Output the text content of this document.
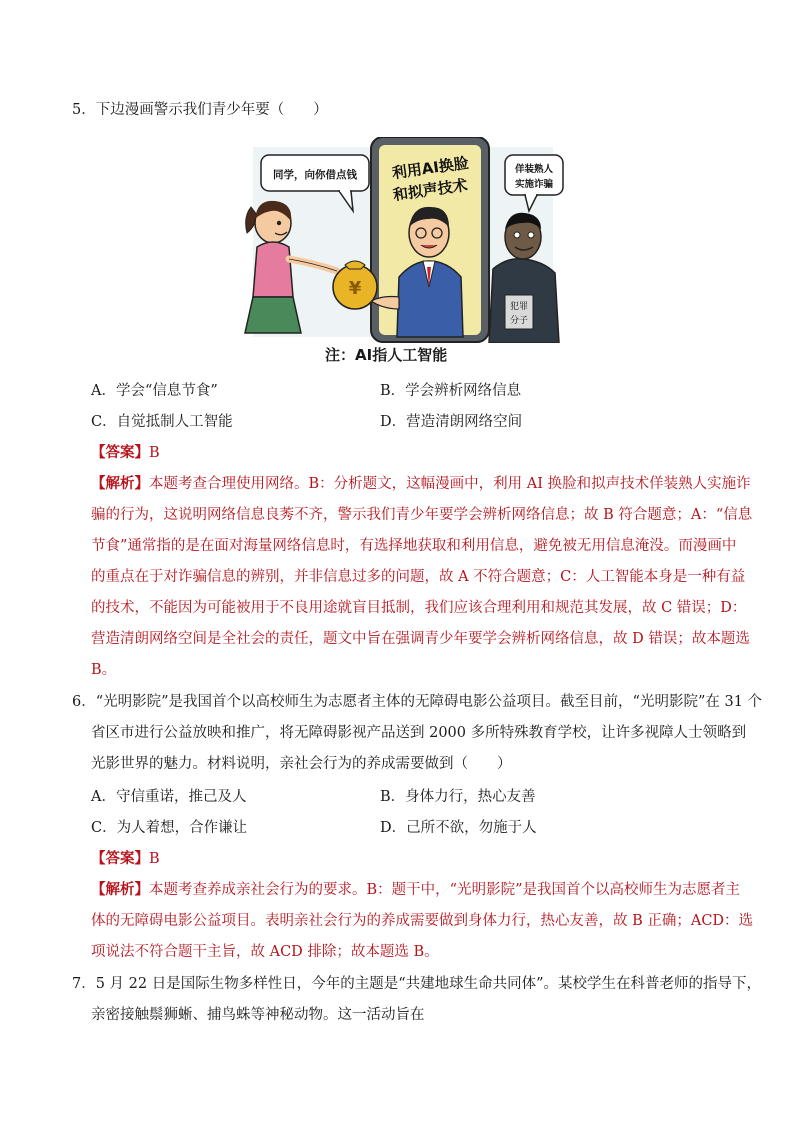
5．下边漫画警示我们青少年要（　　）
利用AI换脸
和拟声技术
犯罪
分子
¥
同学，向你借点钱	佯装熟人
实施诈骗
注：AI指人工智能
A．学会“信息节食”	B．学会辨析网络信息
C．自觉抵制人工智能	D．营造清朗网络空间
【答案】B
【解析】本题考查合理使用网络。B：分析题文，这幅漫画中，利用 AI 换脸和拟声技术佯装熟人实施诈
骗的行为，这说明网络信息良莠不齐，警示我们青少年要学会辨析网络信息；故 B 符合题意；A：“信息
节食”通常指的是在面对海量网络信息时，有选择地获取和利用信息，避免被无用信息淹没。而漫画中
的重点在于对诈骗信息的辨别，并非信息过多的问题，故 A 不符合题意；C：人工智能本身是一种有益
的技术，不能因为可能被用于不良用途就盲目抵制，我们应该合理利用和规范其发展，故 C 错误；D：
营造清朗网络空间是全社会的责任，题文中旨在强调青少年要学会辨析网络信息，故 D 错误；故本题选
B。
6．“光明影院”是我国首个以高校师生为志愿者主体的无障碍电影公益项目。截至目前，“光明影院”在 31 个
省区市进行公益放映和推广，将无障碍影视产品送到 2000 多所特殊教育学校，让许多视障人士领略到
光影世界的魅力。材料说明，亲社会行为的养成需要做到（　　）
A．守信重诺，推己及人	B．身体力行，热心友善
C．为人着想，合作谦让	D．己所不欲，勿施于人
【答案】B
【解析】本题考查养成亲社会行为的要求。B：题干中，“光明影院”是我国首个以高校师生为志愿者主
体的无障碍电影公益项目。表明亲社会行为的养成需要做到身体力行，热心友善，故 B 正确；ACD：选
项说法不符合题干主旨，故 ACD 排除；故本题选 B。
7．5 月 22 日是国际生物多样性日，今年的主题是“共建地球生命共同体”。某校学生在科普老师的指导下，
亲密接触鬃狮蜥、捕鸟蛛等神秘动物。这一活动旨在
